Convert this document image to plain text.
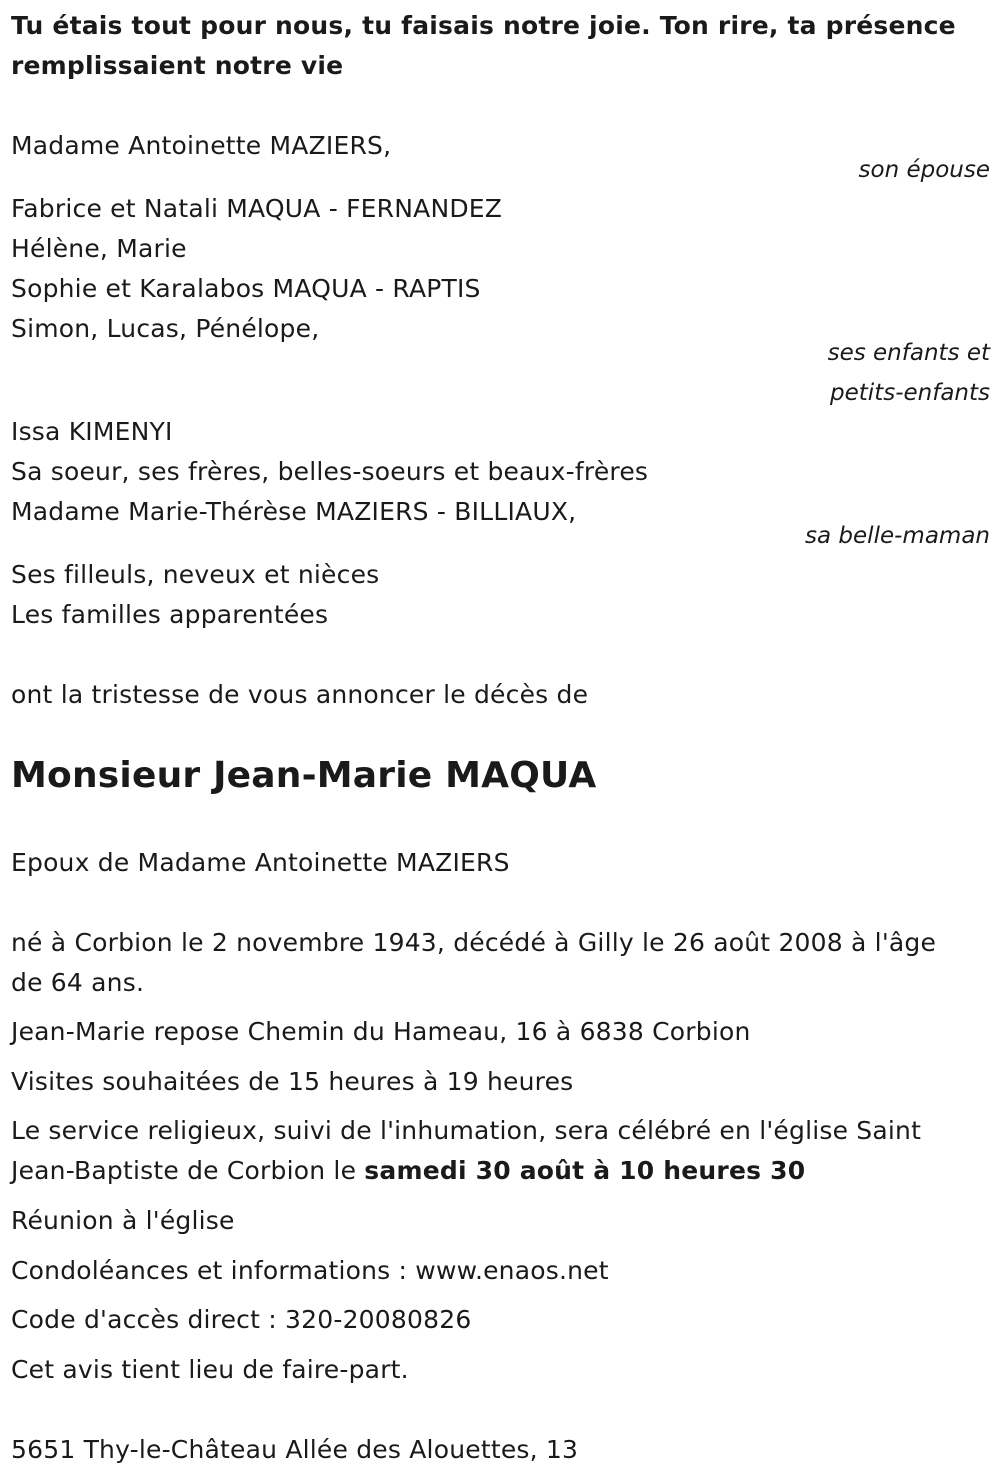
Tu étais tout pour nous, tu faisais notre joie. Ton rire, ta présence

remplissaient notre vie

Madame Antoinette MAZIERS,

son épouse

Fabrice et Natali MAQUA - FERNANDEZ

Hélène, Marie

Sophie et Karalabos MAQUA - RAPTIS

Simon, Lucas, Pénélope,

ses enfants et

petits-enfants

Issa KIMENYI

Sa soeur, ses frères, belles-soeurs et beaux-frères

Madame Marie-Thérèse MAZIERS - BILLIAUX,

sa belle-maman

Ses filleuls, neveux et nièces

Les familles apparentées

ont la tristesse de vous annoncer le décès de

Monsieur Jean-Marie MAQUA

Epoux de Madame Antoinette MAZIERS

né à Corbion le 2 novembre 1943, décédé à Gilly le 26 août 2008 à l'âge

de 64 ans.

Jean-Marie repose Chemin du Hameau, 16 à 6838 Corbion

Visites souhaitées de 15 heures à 19 heures

Le service religieux, suivi de l'inhumation, sera célébré en l'église Saint

Jean-Baptiste de Corbion le samedi 30 août à 10 heures 30

Réunion à l'église

Condoléances et informations : www.enaos.net

Code d'accès direct : 320-20080826

Cet avis tient lieu de faire-part.

5651 Thy-le-Château Allée des Alouettes, 13
